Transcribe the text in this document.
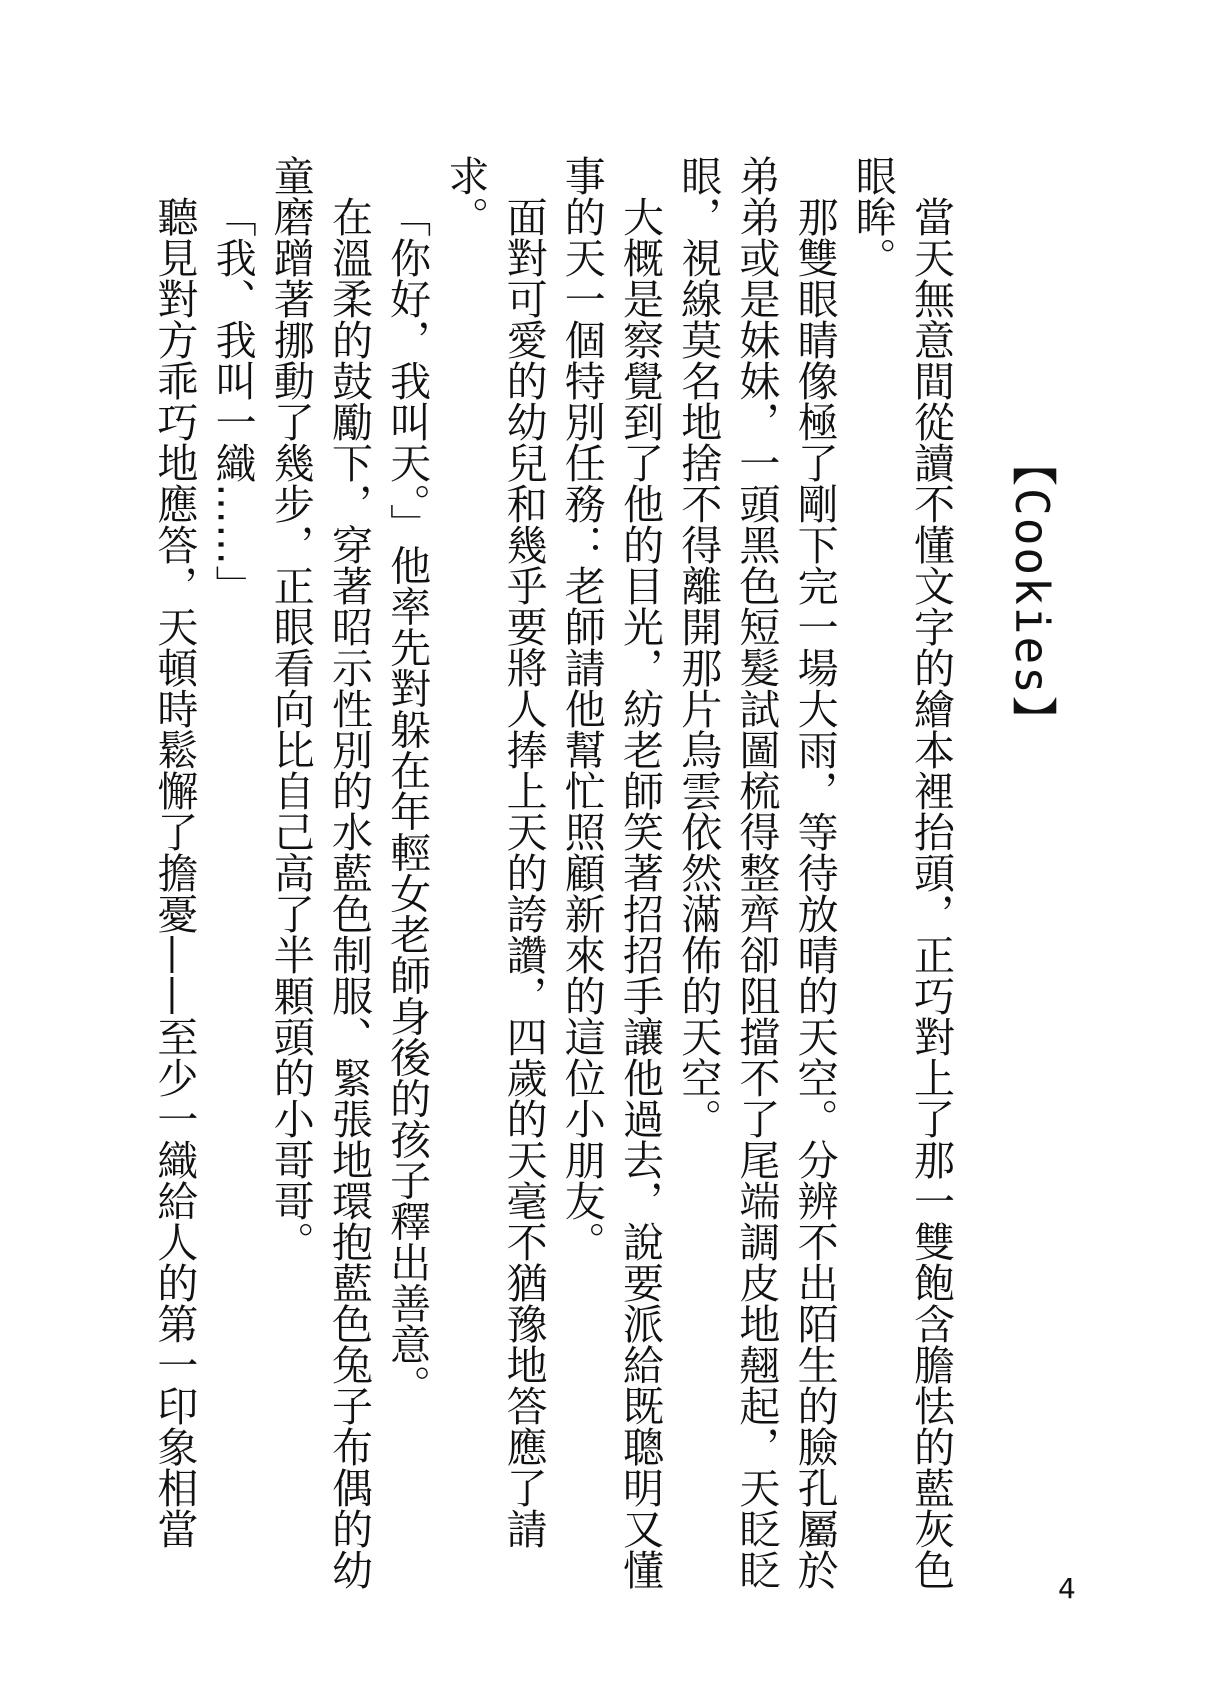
【Cookies】

當天無意間從讀不懂文字的繪本裡抬頭，正巧對上了那一雙飽含膽怯的藍灰色眼眸。

那雙眼睛像極了剛下完一場大雨，等待放晴的天空。分辨不出陌生的臉孔屬於弟弟或是妹妹，一頭黑色短髮試圖梳得整齊卻阻擋不了尾端調皮地翹起，天眨眨眼，視線莫名地捨不得離開那片烏雲依然滿佈的天空。

大概是察覺到了他的目光，紡老師笑著招招手讓他過去，說要派給既聰明又懂事的天一個特別任務：老師請他幫忙照顧新來的這位小朋友。

面對可愛的幼兒和幾乎要將人捧上天的誇讚，四歲的天毫不猶豫地答應了請求。

「你好，我叫天。」他率先對躲在年輕女老師身後的孩子釋出善意。

在溫柔的鼓勵下，穿著昭示性別的水藍色制服、緊張地環抱藍色兔子布偶的幼童磨蹭著挪動了幾步，正眼看向比自己高了半顆頭的小哥哥。

「我、我叫一織……」

聽見對方乖巧地應答，天頓時鬆懈了擔憂——至少一織給人的第一印象相當

4
